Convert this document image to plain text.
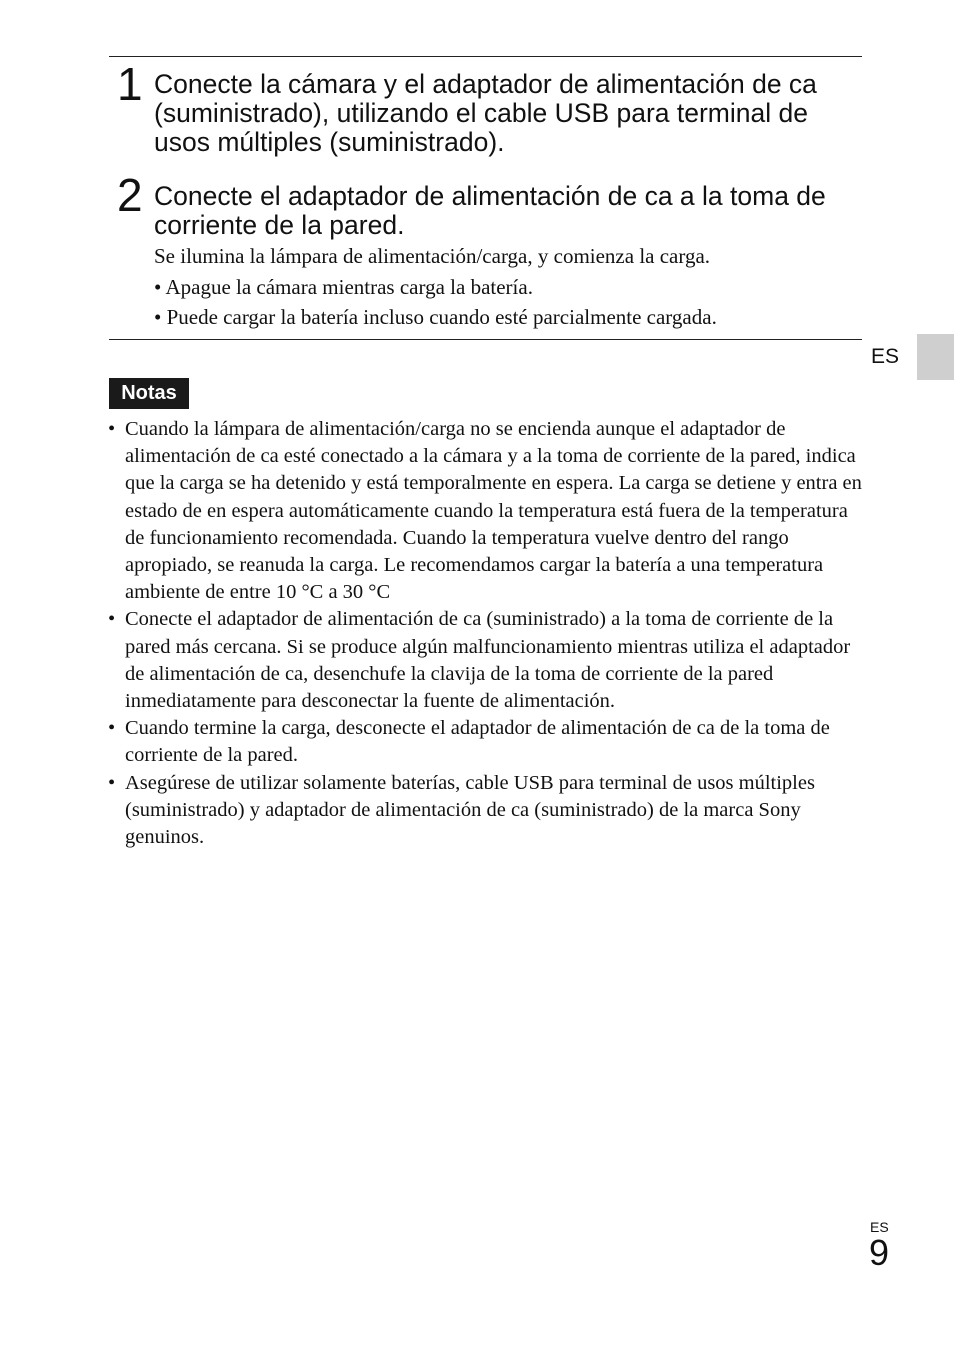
1 Conecte la cámara y el adaptador de alimentación de ca (suministrado), utilizando el cable USB para terminal de usos múltiples (suministrado).
2 Conecte el adaptador de alimentación de ca a la toma de corriente de la pared.
Se ilumina la lámpara de alimentación/carga, y comienza la carga.
• Apague la cámara mientras carga la batería.
• Puede cargar la batería incluso cuando esté parcialmente cargada.
ES
Notas
• Cuando la lámpara de alimentación/carga no se encienda aunque el adaptador de alimentación de ca esté conectado a la cámara y a la toma de corriente de la pared, indica que la carga se ha detenido y está temporalmente en espera. La carga se detiene y entra en estado de en espera automáticamente cuando la temperatura está fuera de la temperatura de funcionamiento recomendada. Cuando la temperatura vuelve dentro del rango apropiado, se reanuda la carga. Le recomendamos cargar la batería a una temperatura ambiente de entre 10 °C a 30 °C
• Conecte el adaptador de alimentación de ca (suministrado) a la toma de corriente de la pared más cercana. Si se produce algún malfuncionamiento mientras utiliza el adaptador de alimentación de ca, desenchufe la clavija de la toma de corriente de la pared inmediatamente para desconectar la fuente de alimentación.
• Cuando termine la carga, desconecte el adaptador de alimentación de ca de la toma de corriente de la pared.
• Asegúrese de utilizar solamente baterías, cable USB para terminal de usos múltiples (suministrado) y adaptador de alimentación de ca (suministrado) de la marca Sony genuinos.
ES
9
